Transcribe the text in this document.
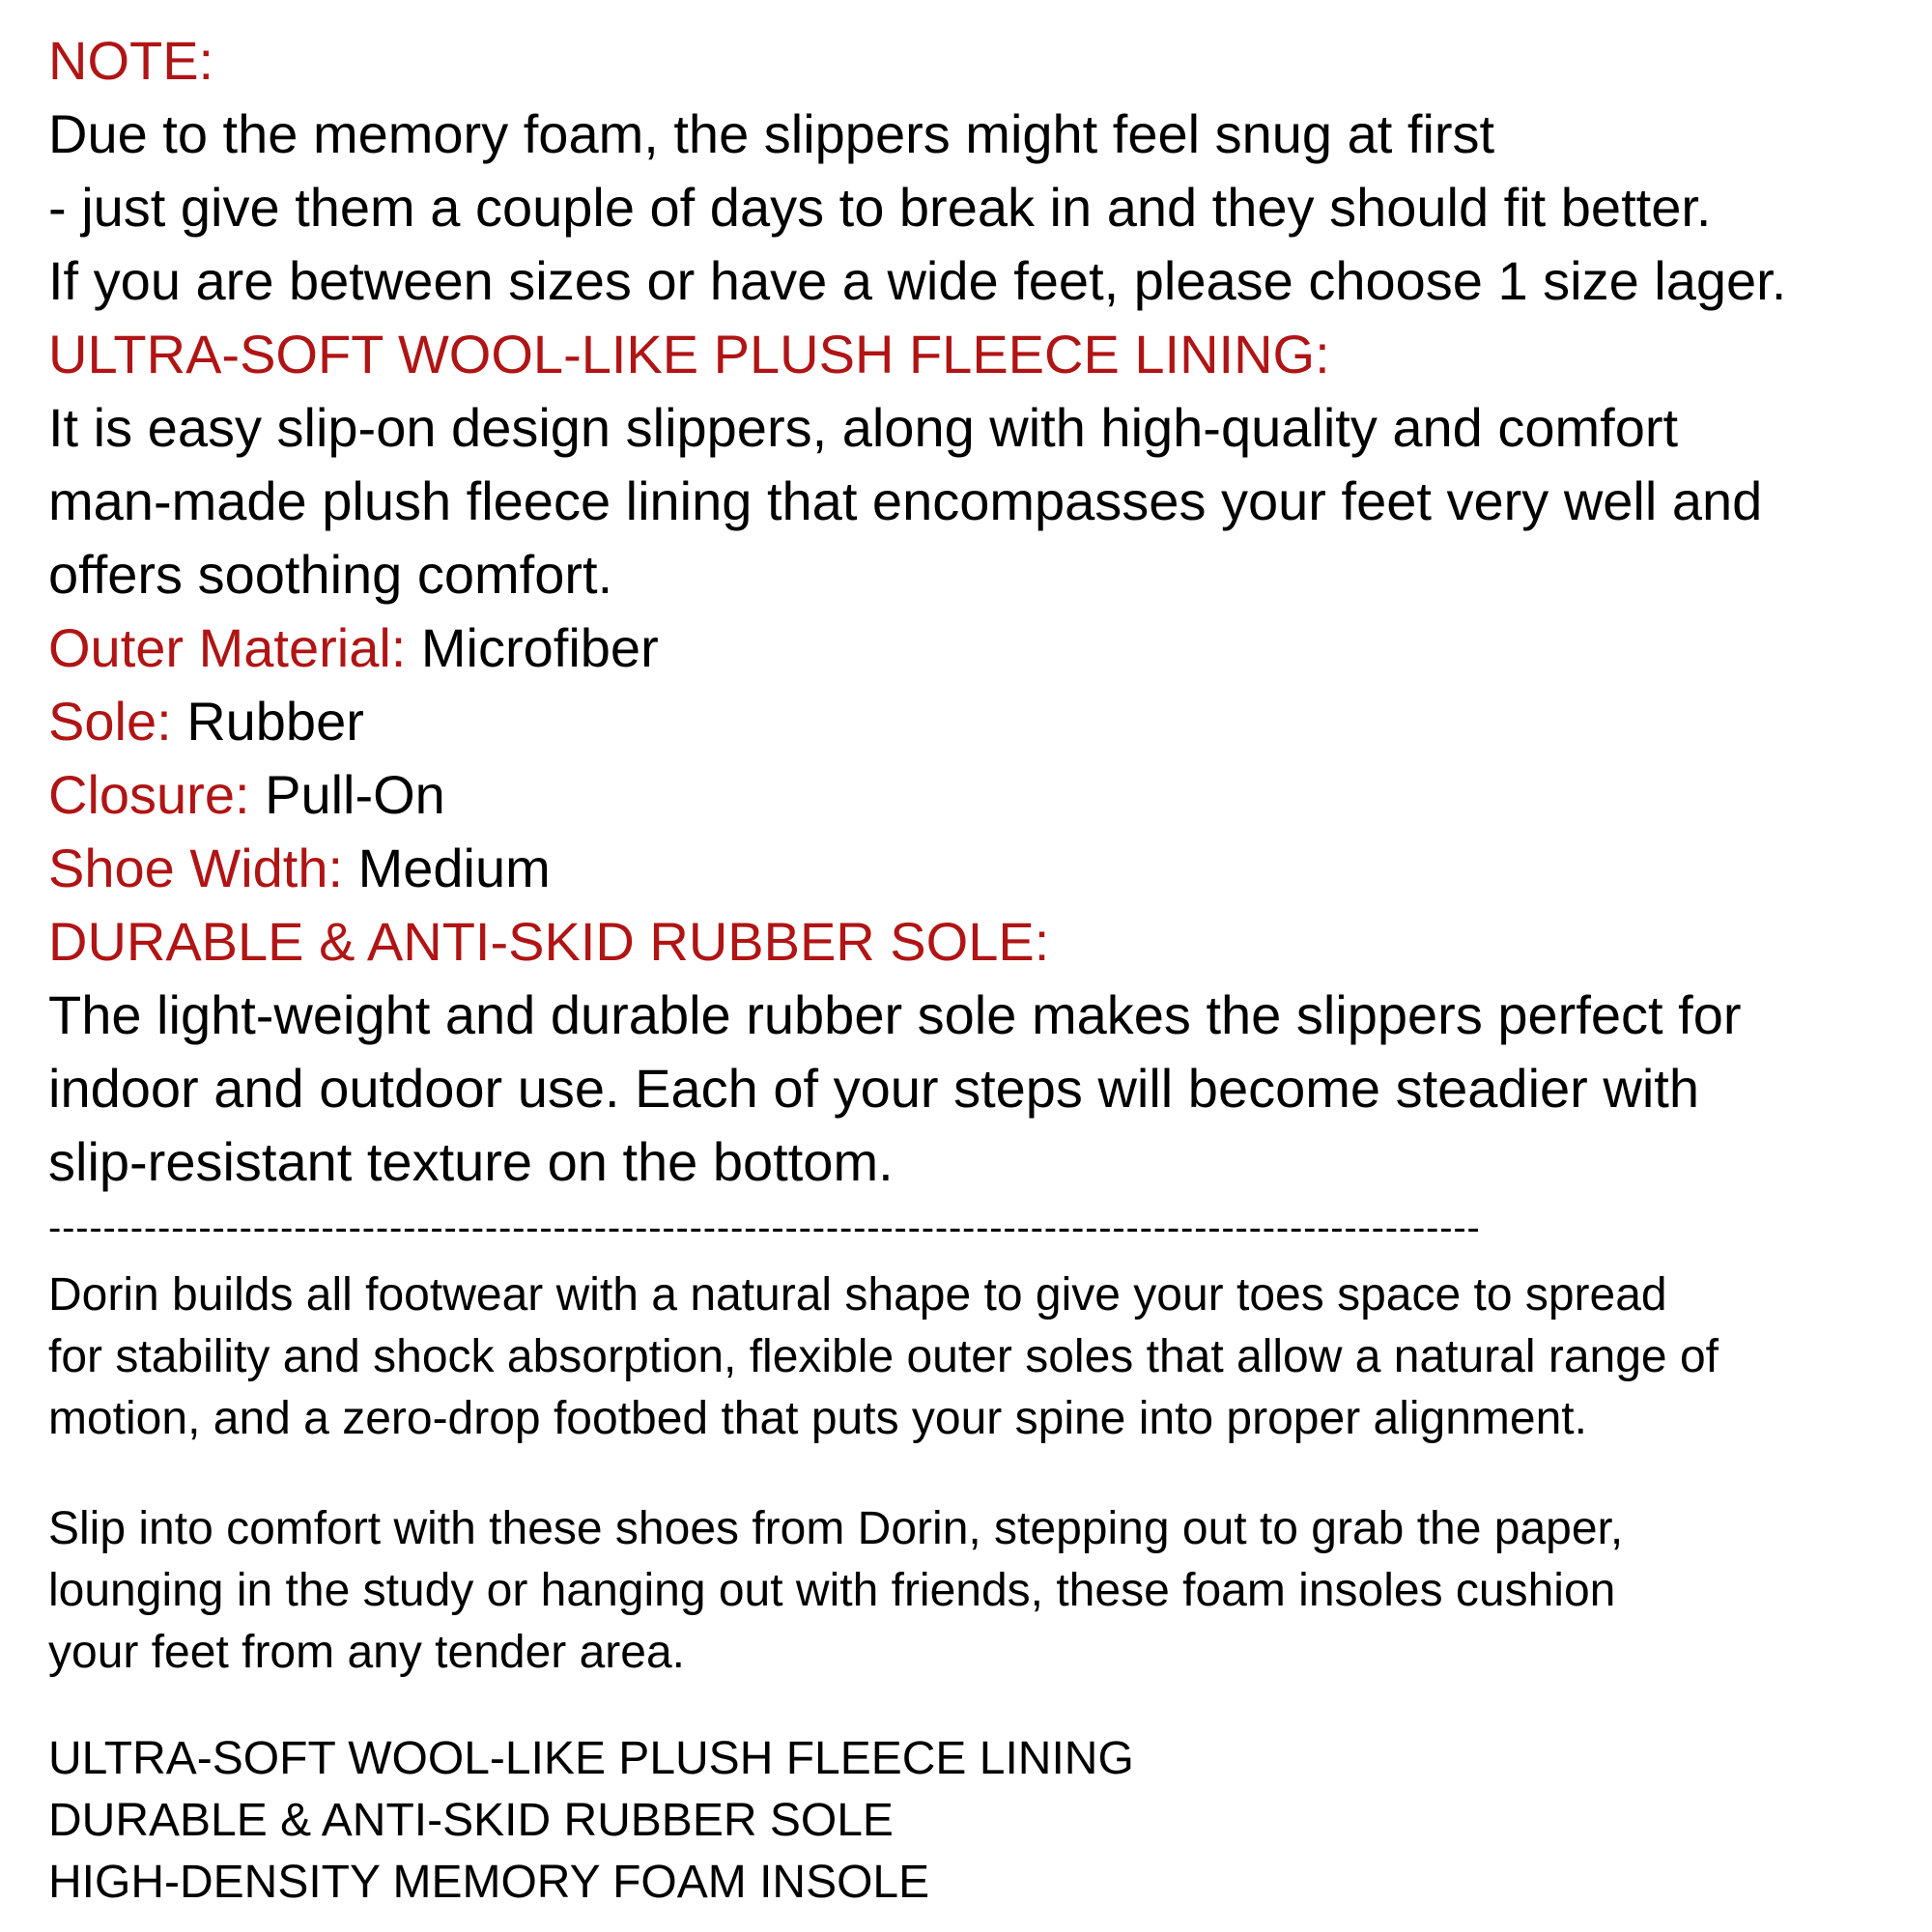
NOTE:
Due to the memory foam, the slippers might feel snug at first
- just give them a couple of days to break in and they should fit better.
If you are between sizes or have a wide feet, please choose 1 size lager.
ULTRA-SOFT WOOL-LIKE PLUSH FLEECE LINING:
It is easy slip-on design slippers, along with high-quality and comfort
man-made plush fleece lining that encompasses your feet very well and
offers soothing comfort.
Outer Material: Microfiber
Sole: Rubber
Closure: Pull-On
Shoe Width: Medium
DURABLE & ANTI-SKID RUBBER SOLE:
The light-weight and durable rubber sole makes the slippers perfect for
indoor and outdoor use. Each of your steps will become steadier with
slip-resistant texture on the bottom.
---------------------------------------------------------------------------------------------------------
Dorin builds all footwear with a natural shape to give your toes space to spread
for stability and shock absorption, flexible outer soles that allow a natural range of
motion, and a zero-drop footbed that puts your spine into proper alignment.
Slip into comfort with these shoes from Dorin, stepping out to grab the paper,
lounging in the study or hanging out with friends, these foam insoles cushion
your feet from any tender area.
ULTRA-SOFT WOOL-LIKE PLUSH FLEECE LINING
DURABLE & ANTI-SKID RUBBER SOLE
HIGH-DENSITY MEMORY FOAM INSOLE
